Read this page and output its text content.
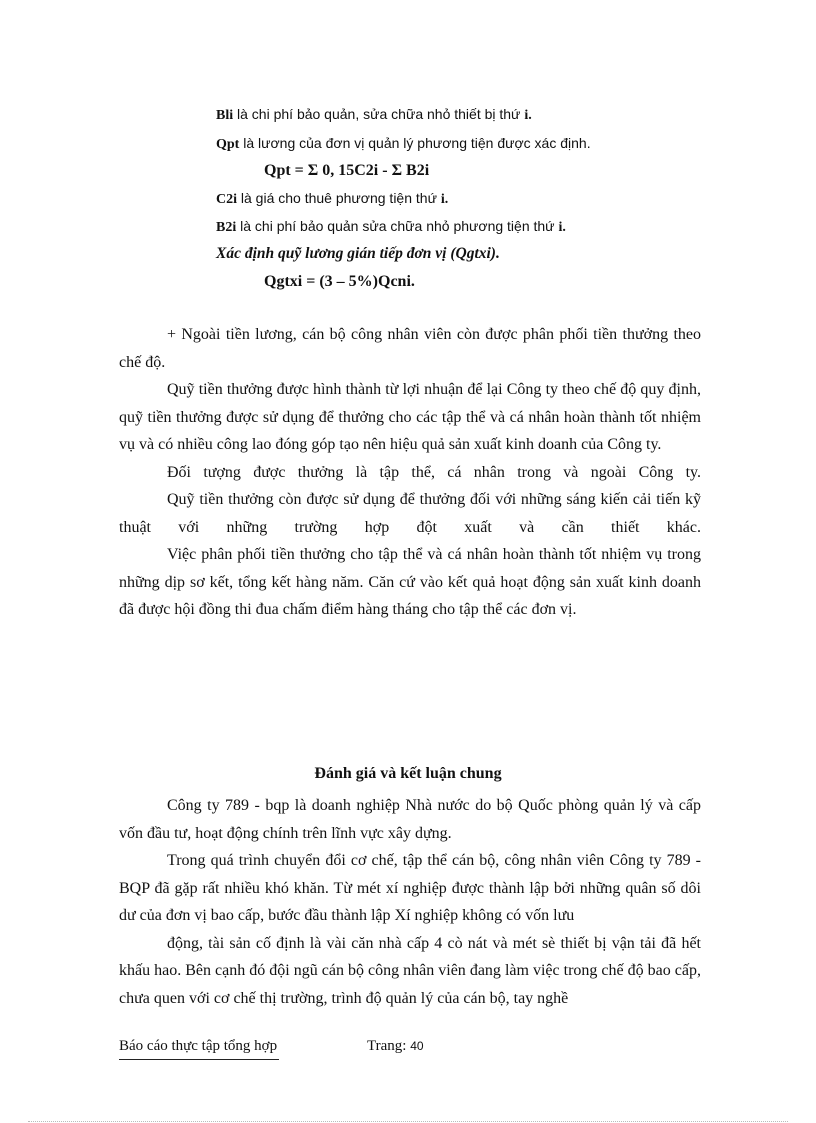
Bli là chi phí bảo quản, sửa chữa nhỏ thiết bị thứ i.
Qpt là lương của đơn vị quản lý phương tiện được xác định.
Qpt = Σ 0, 15C2i - Σ B2i
C2i là giá cho thuê phương tiện thứ i.
B2i là chi phí bảo quản sửa chữa nhỏ phương tiện thứ i.
Xác định quỹ lương gián tiếp đơn vị (Qgtxi).
Qgtxi = (3 – 5%)Qcni.

+ Ngoài tiền lương, cán bộ công nhân viên còn được phân phối tiền thưởng theo chế độ.

Quỹ tiền thưởng được hình thành từ lợi nhuận để lại Công ty theo chế độ quy định, quỹ tiền thưởng được sử dụng để thưởng cho các tập thể và cá nhân hoàn thành tốt nhiệm vụ và có nhiều công lao đóng góp tạo nên hiệu quả sản xuất kinh doanh của Công ty.

Đối tượng được thưởng là tập thể, cá nhân trong và ngoài Công ty.

Quỹ tiền thưởng còn được sử dụng để thưởng đối với những sáng kiến cải tiến kỹ thuật với những trường hợp đột xuất và cần thiết khác.

Việc phân phối tiền thưởng cho tập thể và cá nhân hoàn thành tốt nhiệm vụ trong những dịp sơ kết, tổng kết hàng năm. Căn cứ vào kết quả hoạt động sản xuất kinh doanh đã được hội đồng thi đua chấm điểm hàng tháng cho tập thể các đơn vị.

Đánh giá và kết luận chung

Công ty 789 - bqp là doanh nghiệp Nhà nước do bộ Quốc phòng quản lý và cấp vốn đầu tư, hoạt động chính trên lĩnh vực xây dựng.

Trong quá trình chuyển đổi cơ chế, tập thể cán bộ, công nhân viên Công ty 789 - BQP đã gặp rất nhiều khó khăn. Từ mét xí nghiệp được thành lập bởi những quân số dôi dư của đơn vị bao cấp, bước đầu thành lập Xí nghiệp không có vốn lưu

động, tài sản cố định là vài căn nhà cấp 4 cò nát và mét sè thiết bị vận tải đã hết khấu hao. Bên cạnh đó đội ngũ cán bộ công nhân viên đang làm việc trong chế độ bao cấp, chưa quen với cơ chế thị trường, trình độ quản lý của cán bộ, tay nghề

Báo cáo thực tập tổng hợp	Trang: 40
